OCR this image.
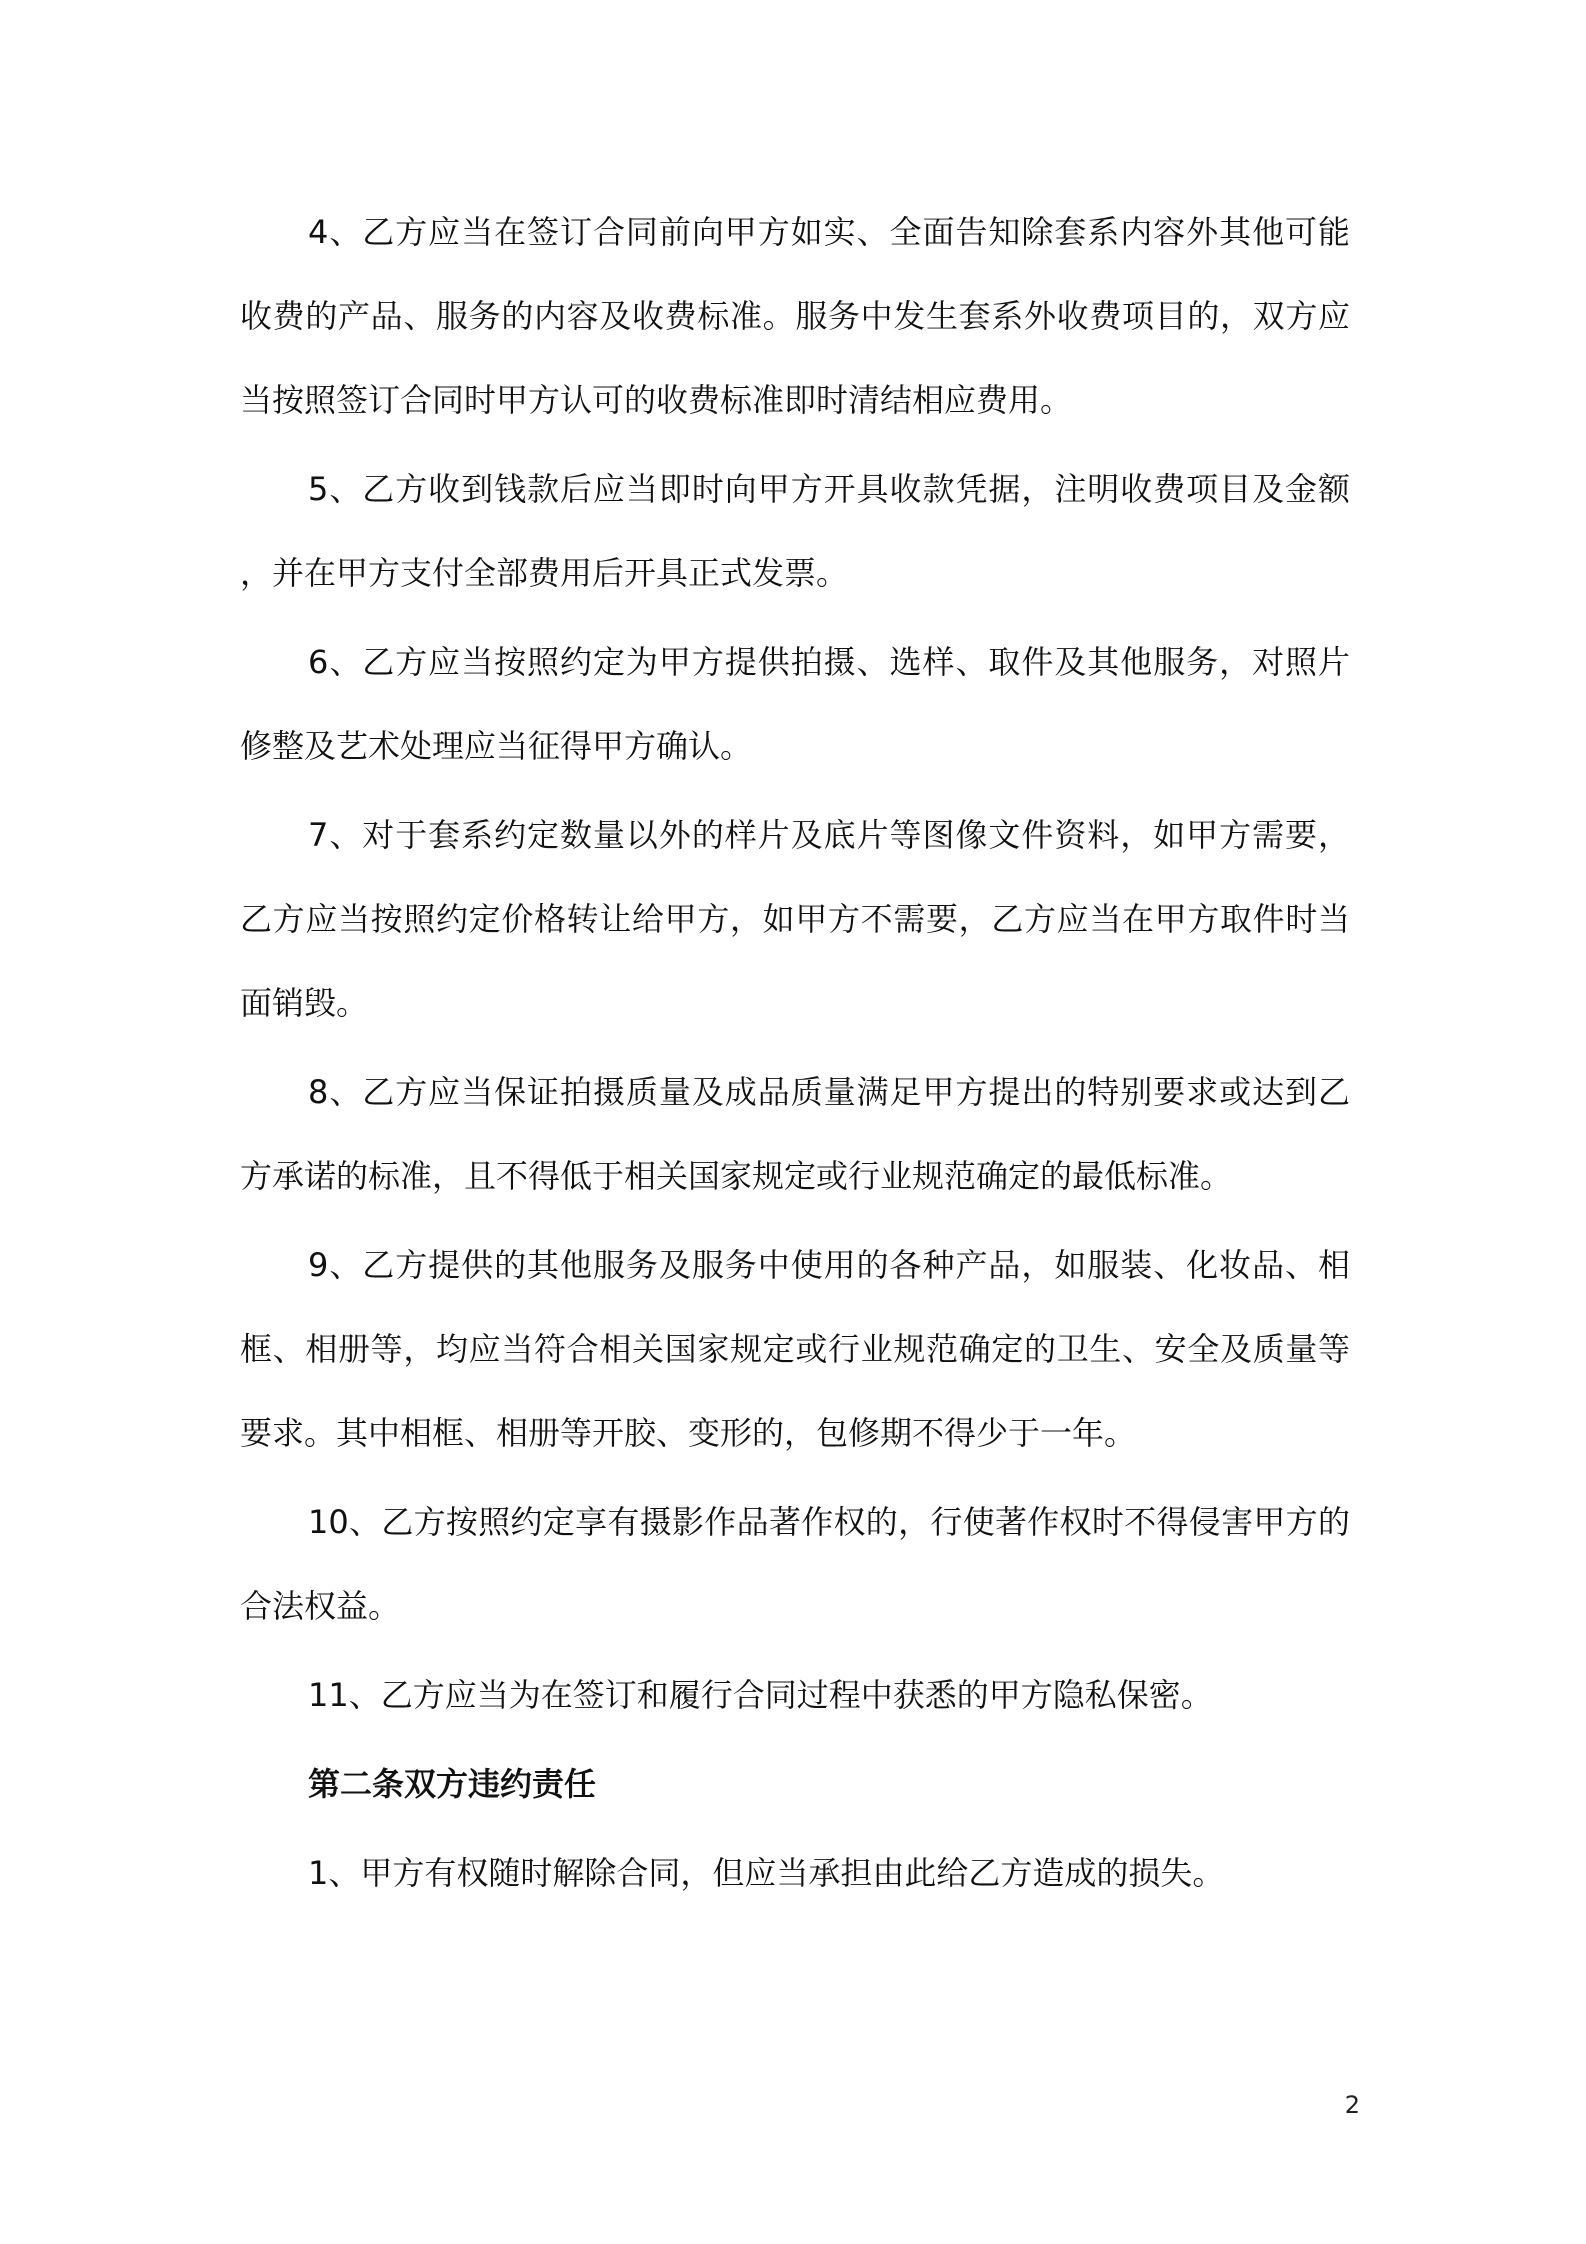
4、乙方应当在签订合同前向甲方如实、全面告知除套系内容外其他可能收费的产品、服务的内容及收费标准。服务中发生套系外收费项目的，双方应当按照签订合同时甲方认可的收费标准即时清结相应费用。

5、乙方收到钱款后应当即时向甲方开具收款凭据，注明收费项目及金额，并在甲方支付全部费用后开具正式发票。

6、乙方应当按照约定为甲方提供拍摄、选样、取件及其他服务，对照片修整及艺术处理应当征得甲方确认。

7、对于套系约定数量以外的样片及底片等图像文件资料，如甲方需要，乙方应当按照约定价格转让给甲方，如甲方不需要，乙方应当在甲方取件时当面销毁。

8、乙方应当保证拍摄质量及成品质量满足甲方提出的特别要求或达到乙方承诺的标准，且不得低于相关国家规定或行业规范确定的最低标准。

9、乙方提供的其他服务及服务中使用的各种产品，如服装、化妆品、相框、相册等，均应当符合相关国家规定或行业规范确定的卫生、安全及质量等要求。其中相框、相册等开胶、变形的，包修期不得少于一年。

10、乙方按照约定享有摄影作品著作权的，行使著作权时不得侵害甲方的合法权益。

11、乙方应当为在签订和履行合同过程中获悉的甲方隐私保密。

第二条双方违约责任

1、甲方有权随时解除合同，但应当承担由此给乙方造成的损失。

2
